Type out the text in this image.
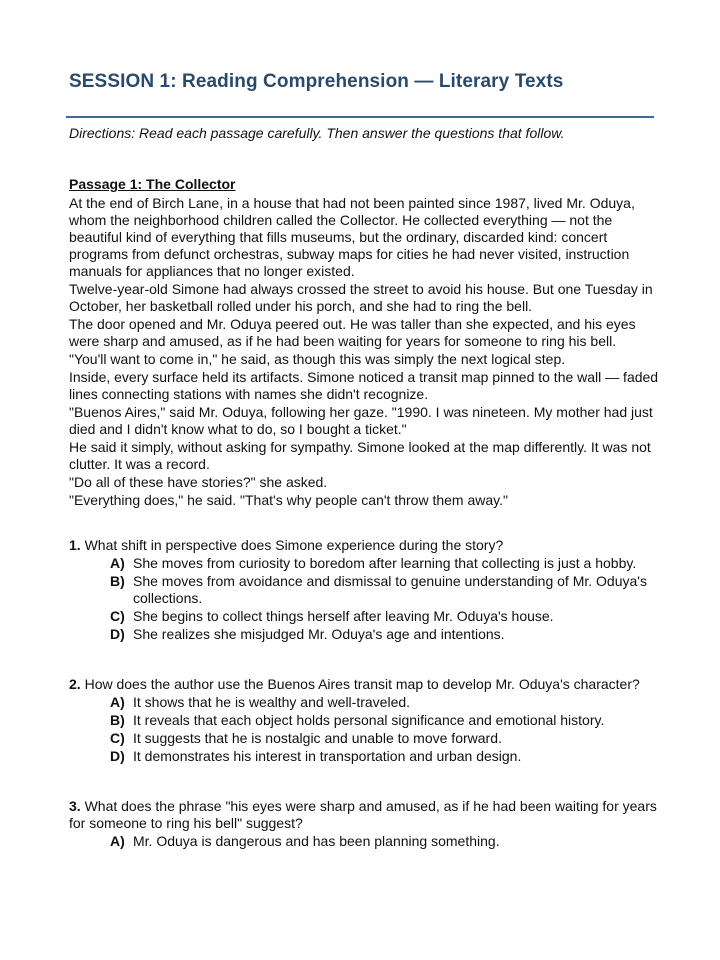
SESSION 1: Reading Comprehension — Literary Texts
Directions: Read each passage carefully. Then answer the questions that follow.
Passage 1: The Collector

At the end of Birch Lane, in a house that had not been painted since 1987, lived Mr. Oduya, whom the neighborhood children called the Collector. He collected everything — not the beautiful kind of everything that fills museums, but the ordinary, discarded kind: concert programs from defunct orchestras, subway maps for cities he had never visited, instruction manuals for appliances that no longer existed.

Twelve-year-old Simone had always crossed the street to avoid his house. But one Tuesday in October, her basketball rolled under his porch, and she had to ring the bell.

The door opened and Mr. Oduya peered out. He was taller than she expected, and his eyes were sharp and amused, as if he had been waiting for years for someone to ring his bell.

"You'll want to come in," he said, as though this was simply the next logical step.

Inside, every surface held its artifacts. Simone noticed a transit map pinned to the wall — faded lines connecting stations with names she didn't recognize.

"Buenos Aires," said Mr. Oduya, following her gaze. "1990. I was nineteen. My mother had just died and I didn't know what to do, so I bought a ticket."

He said it simply, without asking for sympathy. Simone looked at the map differently. It was not clutter. It was a record.

"Do all of these have stories?" she asked.

"Everything does," he said. "That's why people can't throw them away."

1. What shift in perspective does Simone experience during the story?

A) She moves from curiosity to boredom after learning that collecting is just a hobby.
B) She moves from avoidance and dismissal to genuine understanding of Mr. Oduya's collections.
C) She begins to collect things herself after leaving Mr. Oduya's house.
D) She realizes she misjudged Mr. Oduya's age and intentions.

2. How does the author use the Buenos Aires transit map to develop Mr. Oduya's character?

A) It shows that he is wealthy and well-traveled.
B) It reveals that each object holds personal significance and emotional history.
C) It suggests that he is nostalgic and unable to move forward.
D) It demonstrates his interest in transportation and urban design.

3. What does the phrase "his eyes were sharp and amused, as if he had been waiting for years for someone to ring his bell" suggest?

A) Mr. Oduya is dangerous and has been planning something.
